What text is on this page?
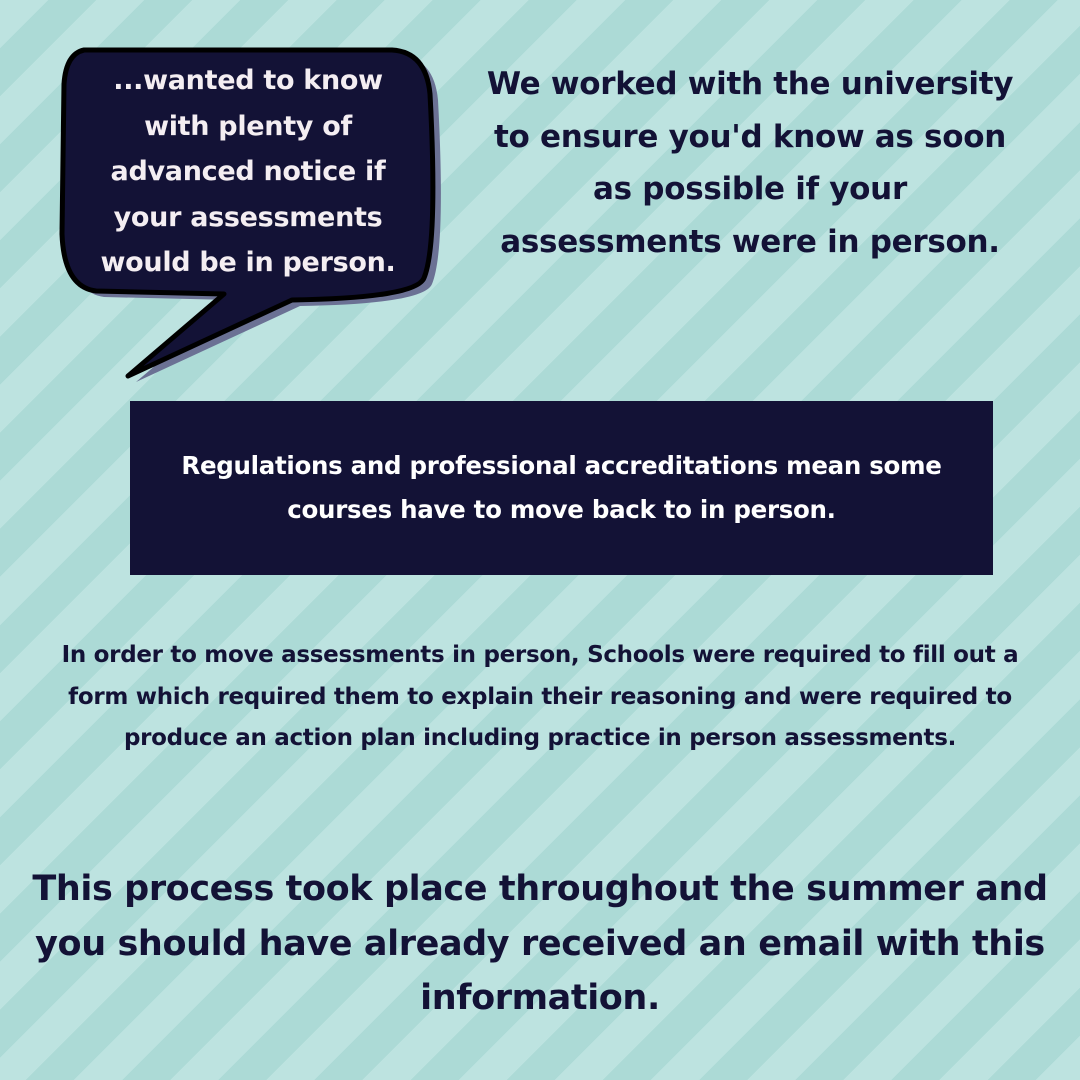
...wanted to know with plenty of advanced notice if your assessments would be in person.

We worked with the university to ensure you'd know as soon as possible if your assessments were in person.

Regulations and professional accreditations mean some courses have to move back to in person.

In order to move assessments in person, Schools were required to fill out a form which required them to explain their reasoning and were required to produce an action plan including practice in person assessments.

This process took place throughout the summer and you should have already received an email with this information.
